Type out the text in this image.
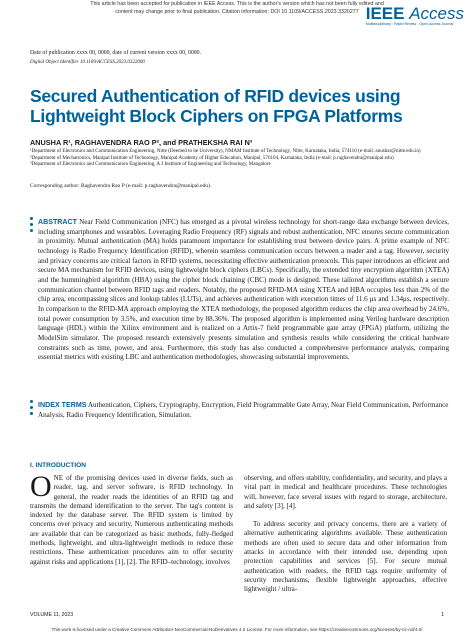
This article has been accepted for publication in IEEE Access. This is the author's version which has not been fully edited and
content may change prior to final publication. Citation information: DOI 10.1109/ACCESS.2023.3320277 IEEE Access
Multidisciplinary : Rapid Review : Open Access Journal
Date of publication xxxx 00, 0000, date of current version xxxx 00, 0000.
Digital Object Identifier 10.1109/ACCESS.2023.0322000
Secured Authentication of RFID devices using
Lightweight Block Ciphers on FPGA Platforms
ANUSHA R¹, RAGHAVENDRA RAO P², and PRATHEKSHA RAI N³
¹Department of Electronics and Communication Engineering, Nitte (Deemed to be University), NMAM Institute of Technology, Nitte, Karnataka, India, 574110 (e-mail: anushar@nitte.edu.in)
²Department of Mechatronics, Manipal Institute of Technology, Manipal Academy of Higher Education, Manipal, 576104, Karnataka, India (e-mail: p.raghavendra@manipal.edu)
³Department of Electronics and Communication Engineering, A J Institute of Engineering and Technology, Mangalore
Corresponding author: Raghavendra Rao P (e-mail: p.raghavendra@manipal.edu).
ABSTRACT Near Field Communication (NFC) has emerged as a pivotal wireless technology for short-range data exchange between devices, including smartphones and wearables. Leveraging Radio Frequency (RF) signals and robust authentication, NFC ensures secure communication in proximity. Mutual authentication (MA) holds paramount importance for establishing trust between device pairs. A prime example of NFC technology is Radio Frequency Identification (RFID), wherein seamless communication occurs between a reader and a tag. However, security and privacy concerns are critical factors in RFID systems, necessitating effective authentication protocols. This paper introduces an efficient and secure MA mechanism for RFID devices, using lightweight block ciphers (LBCs). Specifically, the extended tiny encryption algorithm (XTEA) and the hummingbird algorithm (HBA) using the cipher block chaining (CBC) mode is designed. These tailored algorithms establish a secure communication channel between RFID tags and readers. Notably, the proposed RFID-MA using XTEA and HBA occupies less than 2% of the chip area, encompassing slices and lookup tables (LUTs), and achieves authentication with execution times of 11.6 μs and 1.34μs, respectively. In comparison to the RFID-MA approach employing the XTEA methodology, the proposed algorithm reduces the chip area overhead by 24.6%, total power consumption by 3.5%, and execution time by 88.36%. The proposed algorithm is implemented using Verilog hardware description language (HDL) within the Xilinx environment and is realized on a Artix-7 field programmable gate array (FPGA) platform, utilizing the ModelSim simulator. The proposed research extensively presents simulation and synthesis results while considering the critical hardware constraints such as time, power, and area. Furthermore, this study has also conducted a comprehensive performance analysis, comparing essential metrics with existing LBC and authentication methodologies, showcasing substantial improvements.
INDEX TERMS Authentication, Ciphers, Cryptography, Encryption, Field Programmable Gate Array, Near Field Communication, Performance Analysis, Radio Frequency Identification, Simulation.
I. INTRODUCTION
ONE of the promising devices used in diverse fields, such as reader, tag, and server software, is RFID technology. In general, the reader reads the identities of an RFID tag and transmits the demand identification to the server. The tag's content is indexed by the database server. The RFID system is limited by concerns over privacy and security. Numerous authenticating methods are available that can be categorized as basic methods, fully-fledged methods, lightweight, and ultra-lightweight methods to reduce these restrictions. These authentication procedures aim to offer security against risks and applications [1], [2]. The RFID–technology, involves
observing, and offers stability, confidentiality, and security, and plays a vital part in medical and healthcare procedures. These technologies will, however, face several issues with regard to storage, architecture, and safety [3], [4].
To address security and privacy concerns, there are a variety of alternative authenticating algorithms available. These authentication methods are often used to secure data and other information from attacks in accordance with their intended use, depending upon protection capabilities and services [5]. For secure mutual authentication with readers, the RFID tags require uniformity of security mechanisms, flexible lightweight approaches, effective lightweight / ultra-
VOLUME 11, 2023	1
This work is licensed under a Creative Commons Attribution-NonCommercial-NoDerivatives 4.0 License. For more information, see https://creativecommons.org/licenses/by-nc-nd/4.0/
